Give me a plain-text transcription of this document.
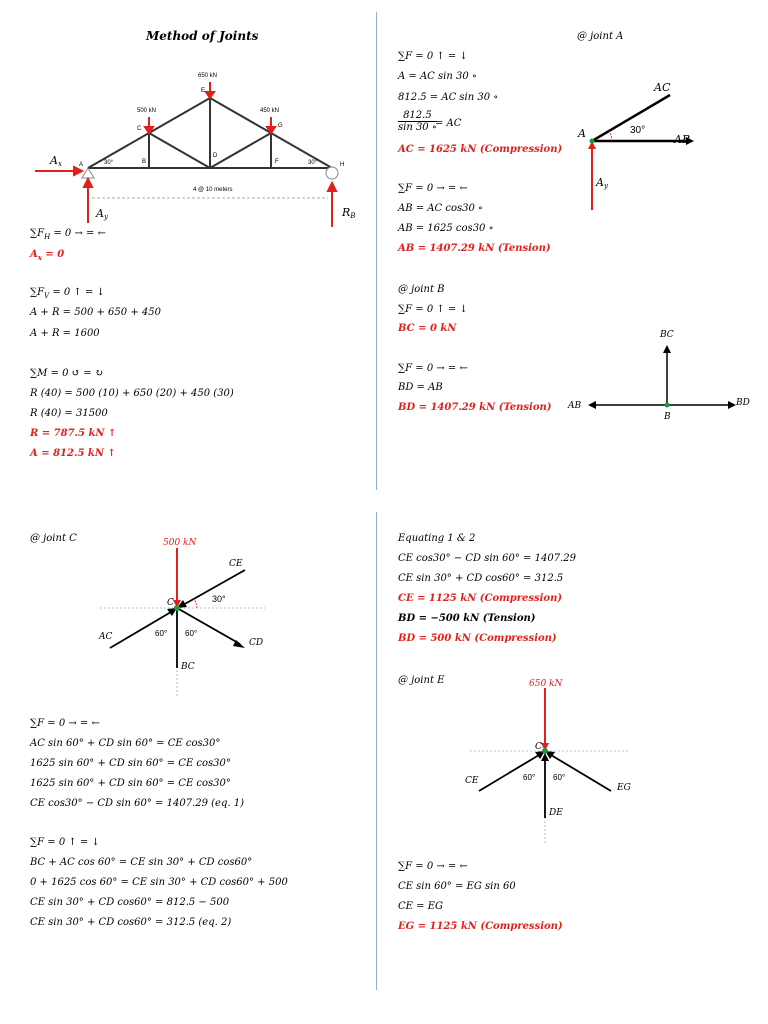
Method of Joints
650 kN
500 kN	450 kN
E
C	G
A	B
D
F	H
30°	30°
4 @ 10 meters
Ax
Ay	RB
$\sum F_H = 0$ → = ←
$A_x = 0$
$\sum F_V = 0$ ↑ = ↓
A + R = 500 + 650 + 450
A + R = 1600
∑M = 0 ↺ = ↻
R (40) = 500 (10) + 650 (20) + 450 (30)
R (40) = 31500
R = 787.5 kN ↑
A = 812.5 kN ↑
@ joint A
∑F = 0 ↑ = ↓
A = AC sin 30 ∘
812.5 = AC sin 30 ∘
$\frac{812.5}{\sin 30 \circ}$
= AC
AC = 1625 kN (Compression)
∑F = 0 → = ←
AB = AC cos30 ∘
AB = 1625 cos30 ∘
AB = 1407.29 kN (Tension)
AC
A	AB
30°
Ay
@ joint B
∑F = 0 ↑ = ↓
BC = 0 kN
∑F = 0 → = ←
BD = AB
BD = 1407.29 kN (Tension)
BC
AB	BD
B
@ joint C	500 kN
CE
C	30°
AC	60° 60°
CD
BC
∑F = 0 → = ←
AC sin 60° + CD sin 60° = CE cos30°
1625 sin 60° + CD sin 60° = CE cos30°
1625 sin 60° + CD sin 60° = CE cos30°
CE cos30° − CD sin 60° = 1407.29 (eq. 1)
∑F = 0 ↑ = ↓
BC + AC cos 60° = CE sin 30° + CD cos60°
0 + 1625 cos 60° = CE sin 30° + CD cos60° + 500
CE sin 30° + CD cos60° = 812.5 − 500
CE sin 30° + CD cos60° = 312.5 (eq. 2)
Equating 1 & 2
CE cos30° − CD sin 60° = 1407.29
CE sin 30° + CD cos60° = 312.5
CE = 1125 kN (Compression)
BD = −500 kN (Tension)
BD = 500 kN (Compression)
@ joint E	650 kN
C
CE	60° 60°
EG
DE
∑F = 0 → = ←
CE sin 60° = EG sin 60
CE = EG
EG = 1125 kN (Compression)
